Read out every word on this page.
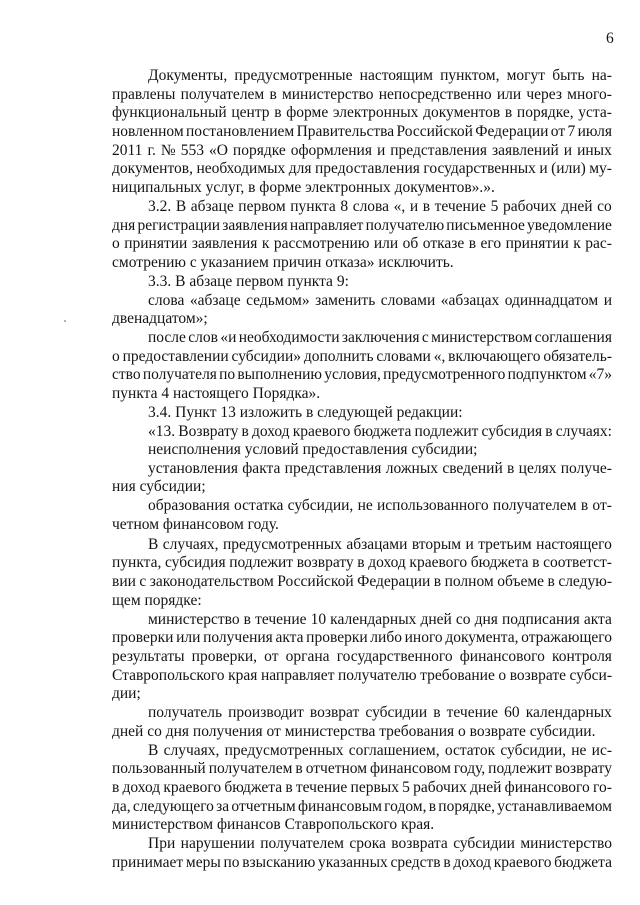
6
Документы, предусмотренные настоящим пунктом, могут быть на-
правлены получателем в министерство непосредственно или через много-
функциональный центр в форме электронных документов в порядке, уста-
новленном постановлением Правительства Российской Федерации от 7 июля
2011 г. № 553 «О порядке оформления и представления заявлений и иных
документов, необходимых для предоставления государственных и (или) му-
ниципальных услуг, в форме электронных документов».».
3.2. В абзаце первом пункта 8 слова «, и в течение 5 рабочих дней со
дня регистрации заявления направляет получателю письменное уведомление
о принятии заявления к рассмотрению или об отказе в его принятии к рас-
смотрению с указанием причин отказа» исключить.
3.3. В абзаце первом пункта 9:
слова «абзаце седьмом» заменить словами «абзацах одиннадцатом и
двенадцатом»;
после слов «и необходимости заключения с министерством соглашения
о предоставлении субсидии» дополнить словами «, включающего обязатель-
ство получателя по выполнению условия, предусмотренного подпунктом «7»
пункта 4 настоящего Порядка».
3.4. Пункт 13 изложить в следующей редакции:
«13. Возврату в доход краевого бюджета подлежит субсидия в случаях:
неисполнения условий предоставления субсидии;
установления факта представления ложных сведений в целях получе-
ния субсидии;
образования остатка субсидии, не использованного получателем в от-
четном финансовом году.
В случаях, предусмотренных абзацами вторым и третьим настоящего
пункта, субсидия подлежит возврату в доход краевого бюджета в соответст-
вии с законодательством Российской Федерации в полном объеме в следую-
щем порядке:
министерство в течение 10 календарных дней со дня подписания акта
проверки или получения акта проверки либо иного документа, отражающего
результаты проверки, от органа государственного финансового контроля
Ставропольского края направляет получателю требование о возврате субси-
дии;
получатель производит возврат субсидии в течение 60 календарных
дней со дня получения от министерства требования о возврате субсидии.
В случаях, предусмотренных соглашением, остаток субсидии, не ис-
пользованный получателем в отчетном финансовом году, подлежит возврату
в доход краевого бюджета в течение первых 5 рабочих дней финансового го-
да, следующего за отчетным финансовым годом, в порядке, устанавливаемом
министерством финансов Ставропольского края.
При нарушении получателем срока возврата субсидии министерство
принимает меры по взысканию указанных средств в доход краевого бюджета
